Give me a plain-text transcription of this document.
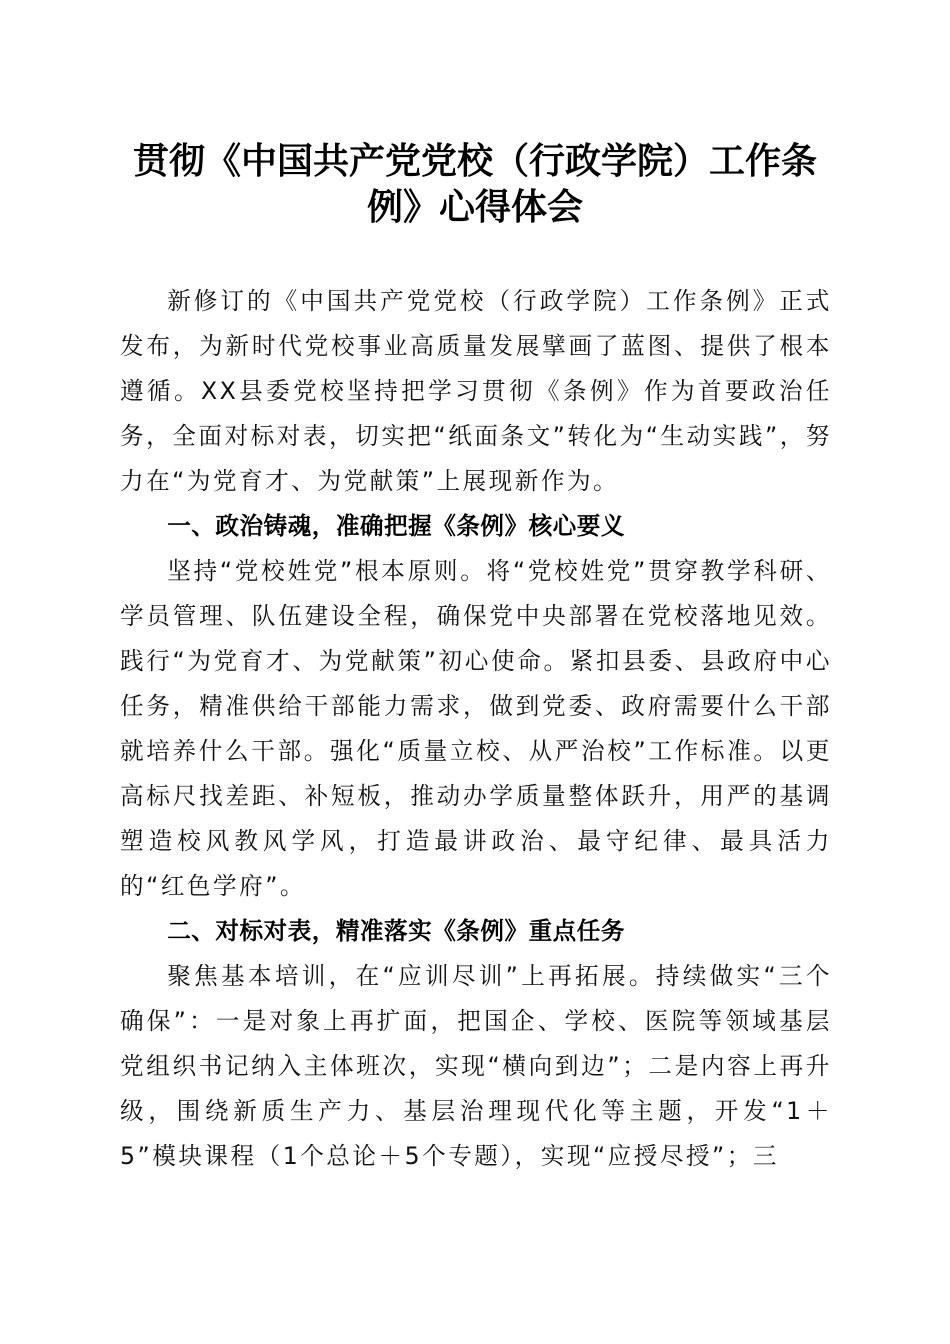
贯彻《中国共产党党校（行政学院）工作条例》心得体会

新修订的《中国共产党党校（行政学院）工作条例》正式发布，为新时代党校事业高质量发展擘画了蓝图、提供了根本遵循。XX县委党校坚持把学习贯彻《条例》作为首要政治任务，全面对标对表，切实把“纸面条文”转化为“生动实践”，努力在“为党育才、为党献策”上展现新作为。

一、政治铸魂，准确把握《条例》核心要义

坚持“党校姓党”根本原则。将“党校姓党”贯穿教学科研、学员管理、队伍建设全程，确保党中央部署在党校落地见效。践行“为党育才、为党献策”初心使命。紧扣县委、县政府中心任务，精准供给干部能力需求，做到党委、政府需要什么干部就培养什么干部。强化“质量立校、从严治校”工作标准。以更高标尺找差距、补短板，推动办学质量整体跃升，用严的基调塑造校风教风学风，打造最讲政治、最守纪律、最具活力的“红色学府”。

二、对标对表，精准落实《条例》重点任务

聚焦基本培训，在“应训尽训”上再拓展。持续做实“三个确保”：一是对象上再扩面，把国企、学校、医院等领域基层党组织书记纳入主体班次，实现“横向到边”；二是内容上再升级，围绕新质生产力、基层治理现代化等主题，开发“1＋5”模块课程（1个总论＋5个专题），实现“应授尽授”；三
